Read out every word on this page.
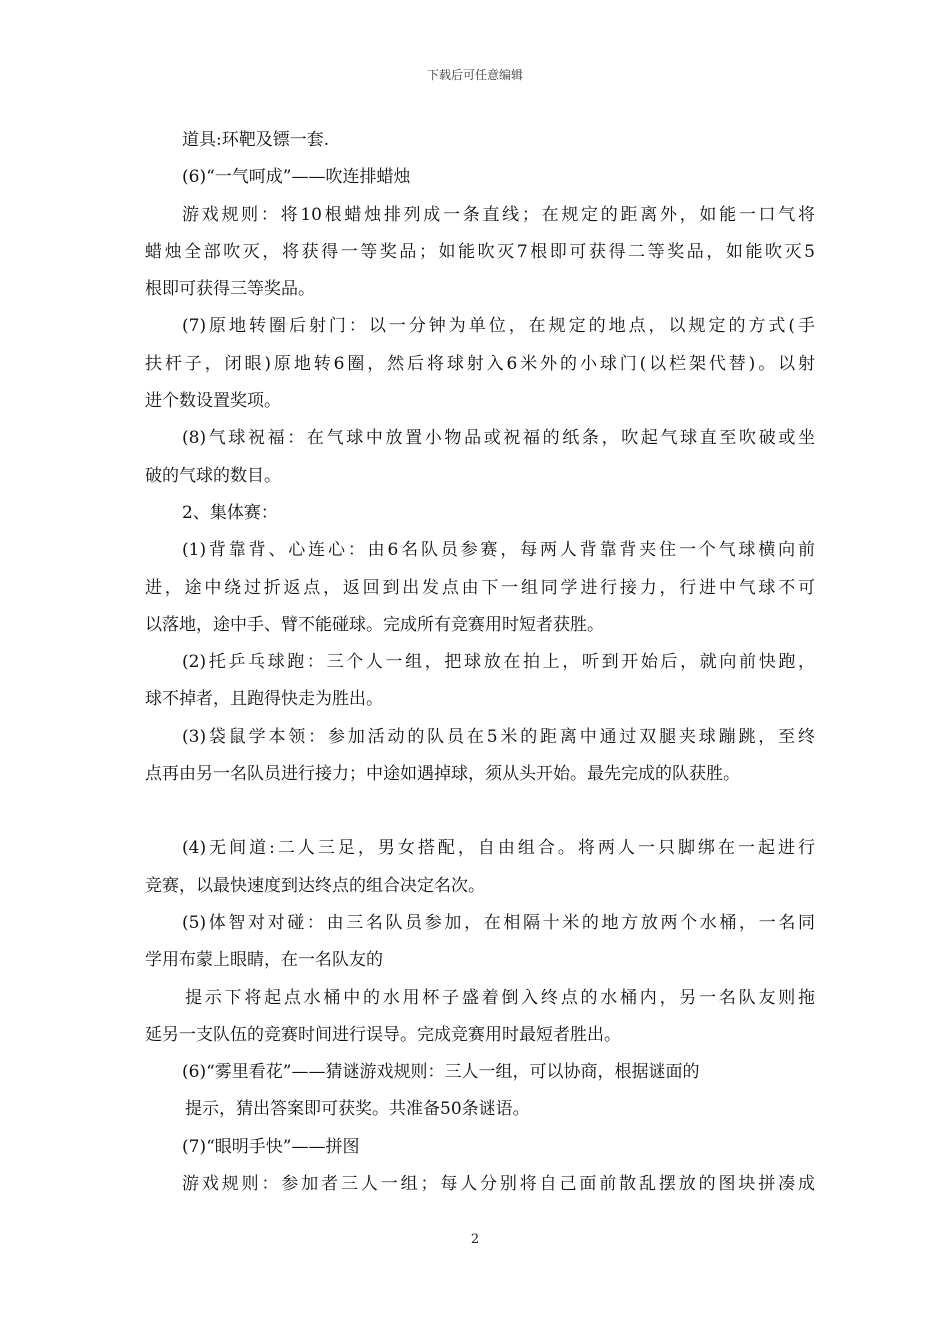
下载后可任意编辑
道具:环靶及镖一套.
(6)“一气呵成”——吹连排蜡烛
游戏规则：将10根蜡烛排列成一条直线；在规定的距离外，如能一口气将
蜡烛全部吹灭，将获得一等奖品；如能吹灭7根即可获得二等奖品，如能吹灭5
根即可获得三等奖品。
(7)原地转圈后射门：以一分钟为单位，在规定的地点，以规定的方式(手
扶杆子，闭眼)原地转6圈，然后将球射入6米外的小球门(以栏架代替)。以射
进个数设置奖项。
(8)气球祝福：在气球中放置小物品或祝福的纸条，吹起气球直至吹破或坐
破的气球的数目。
2、集体赛：
(1)背靠背、心连心：由6名队员参赛，每两人背靠背夹住一个气球横向前
进，途中绕过折返点，返回到出发点由下一组同学进行接力，行进中气球不可
以落地，途中手、臂不能碰球。完成所有竞赛用时短者获胜。
(2)托乒乓球跑：三个人一组，把球放在拍上，听到开始后，就向前快跑，
球不掉者，且跑得快走为胜出。
(3)袋鼠学本领：参加活动的队员在5米的距离中通过双腿夹球蹦跳，至终
点再由另一名队员进行接力；中途如遇掉球，须从头开始。最先完成的队获胜。
(4)无间道:二人三足，男女搭配，自由组合。将两人一只脚绑在一起进行
竞赛，以最快速度到达终点的组合决定名次。
(5)体智对对碰：由三名队员参加，在相隔十米的地方放两个水桶，一名同
学用布蒙上眼睛，在一名队友的
提示下将起点水桶中的水用杯子盛着倒入终点的水桶内，另一名队友则拖
延另一支队伍的竞赛时间进行误导。完成竞赛用时最短者胜出。
(6)“雾里看花”——猜谜游戏规则：三人一组，可以协商，根据谜面的
提示，猜出答案即可获奖。共准备50条谜语。
(7)“眼明手快”——拼图
游戏规则：参加者三人一组；每人分别将自己面前散乱摆放的图块拼凑成
2
